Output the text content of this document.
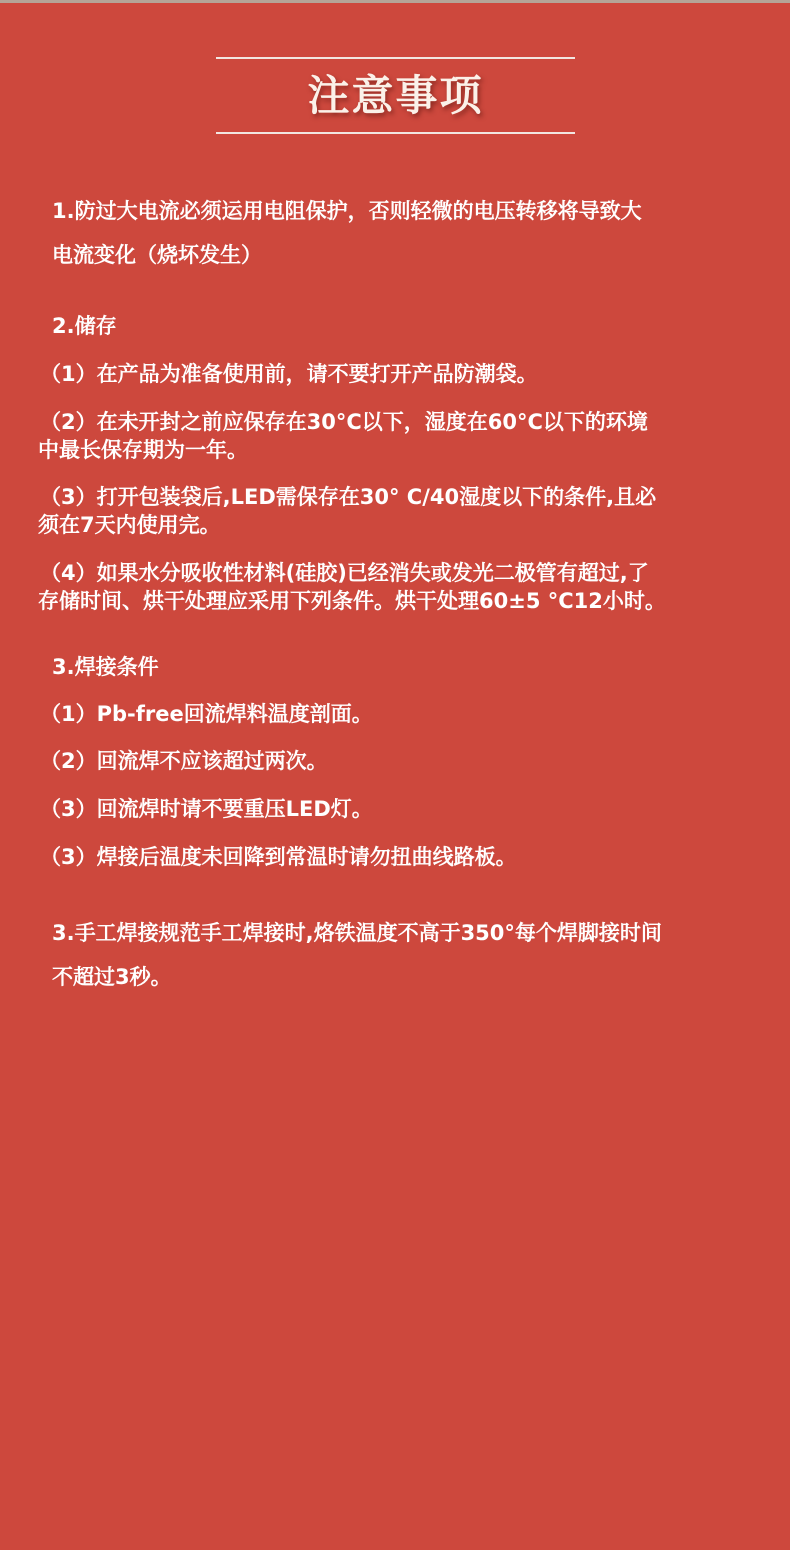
注意事项

1.防过大电流必须运用电阻保护，否则轻微的电压转移将导致大

电流变化（烧坏发生）

2.储存

（1）在产品为准备使用前，请不要打开产品防潮袋。

（2）在未开封之前应保存在30°C以下，湿度在60°C以下的环境

中最长保存期为一年。

（3）打开包装袋后,LED需保存在30° C/40湿度以下的条件,且必

须在7天内使用完。

（4）如果水分吸收性材料(硅胶)已经消失或发光二极管有超过,了

存储时间、烘干处理应采用下列条件。烘干处理60±5 °C12小时。

3.焊接条件

（1）Pb-free回流焊料温度剖面。

（2）回流焊不应该超过两次。

（3）回流焊时请不要重压LED灯。

（3）焊接后温度未回降到常温时请勿扭曲线路板。

3.手工焊接规范手工焊接时,烙铁温度不高于350°每个焊脚接时间

不超过3秒。
